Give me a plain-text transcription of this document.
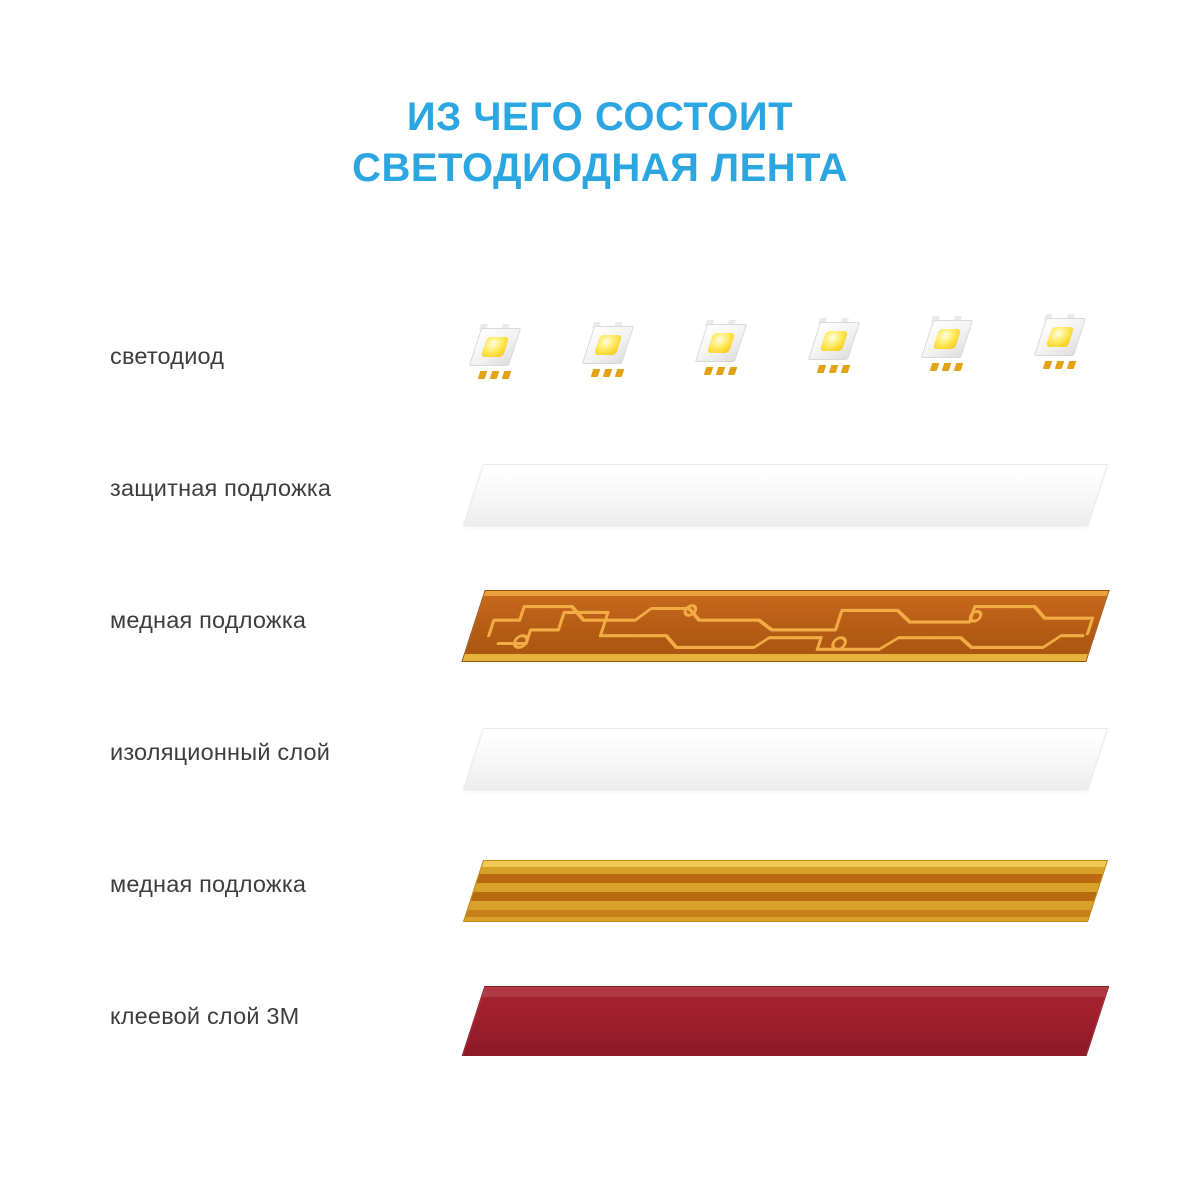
ИЗ ЧЕГО СОСТОИТ
СВЕТОДИОДНАЯ ЛЕНТА
светодиод
защитная подложка
медная подложка
изоляционный слой
медная подложка
клеевой слой 3М
